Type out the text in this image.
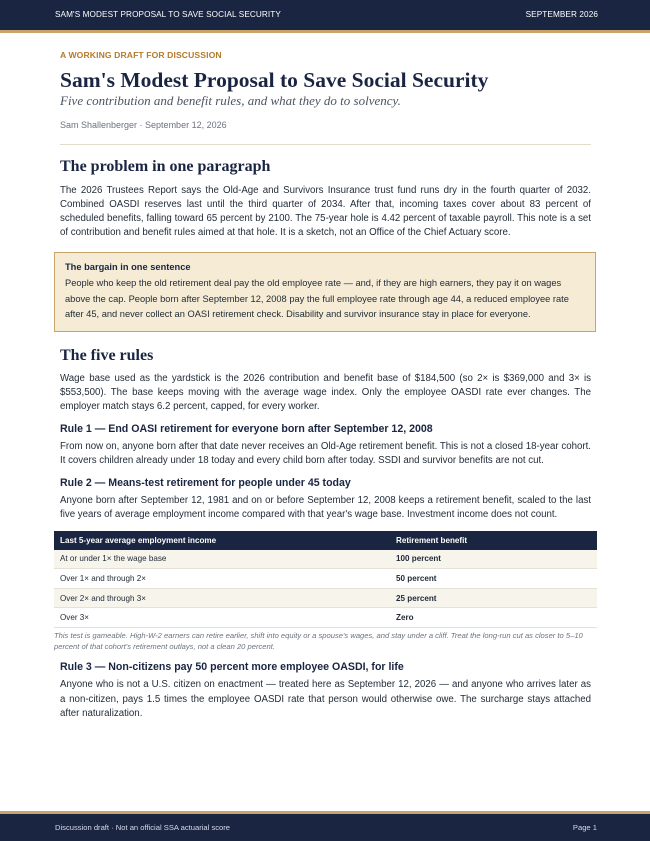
SAM'S MODEST PROPOSAL TO SAVE SOCIAL SECURITY	SEPTEMBER 2026
A WORKING DRAFT FOR DISCUSSION
Sam's Modest Proposal to Save Social Security
Five contribution and benefit rules, and what they do to solvency.
Sam Shallenberger · September 12, 2026
The problem in one paragraph

The 2026 Trustees Report says the Old-Age and Survivors Insurance trust fund runs dry in the fourth quarter of 2032. Combined OASDI reserves last until the third quarter of 2034. After that, incoming taxes cover about 83 percent of scheduled benefits, falling toward 65 percent by 2100. The 75-year hole is 4.42 percent of taxable payroll. This note is a set of contribution and benefit rules aimed at that hole. It is a sketch, not an Office of the Chief Actuary score.

The bargain in one sentence
People who keep the old retirement deal pay the old employee rate — and, if they are high earners, they pay it on wages above the cap. People born after September 12, 2008 pay the full employee rate through age 44, a reduced employee rate after 45, and never collect an OASI retirement check. Disability and survivor insurance stay in place for everyone.
The five rules

Wage base used as the yardstick is the 2026 contribution and benefit base of $184,500 (so 2× is $369,000 and 3× is $553,500). The base keeps moving with the average wage index. Only the employee OASDI rate ever changes. The employer match stays 6.2 percent, capped, for every worker.

Rule 1 — End OASI retirement for everyone born after September 12, 2008

From now on, anyone born after that date never receives an Old-Age retirement benefit. This is not a closed 18-year cohort. It covers children already under 18 today and every child born after today. SSDI and survivor benefits are not cut.

Rule 2 — Means-test retirement for people under 45 today

Anyone born after September 12, 1981 and on or before September 12, 2008 keeps a retirement benefit, scaled to the last five years of average employment income compared with that year's wage base. Investment income does not count.

Last 5-year average employment income	Retirement benefit
At or under 1× the wage base	100 percent
Over 1× and through 2×	50 percent
Over 2× and through 3×	25 percent
Over 3×	Zero
This test is gameable. High-W-2 earners can retire earlier, shift into equity or a spouse's wages, and stay under a cliff. Treat the long-run cut as closer to 5–10 percent of that cohort's retirement outlays, not a clean 20 percent.
Rule 3 — Non-citizens pay 50 percent more employee OASDI, for life

Anyone who is not a U.S. citizen on enactment — treated here as September 12, 2026 — and anyone who arrives later as a non-citizen, pays 1.5 times the employee OASDI rate that person would otherwise owe. The surcharge stays attached after naturalization.

Discussion draft · Not an official SSA actuarial score	Page 1
